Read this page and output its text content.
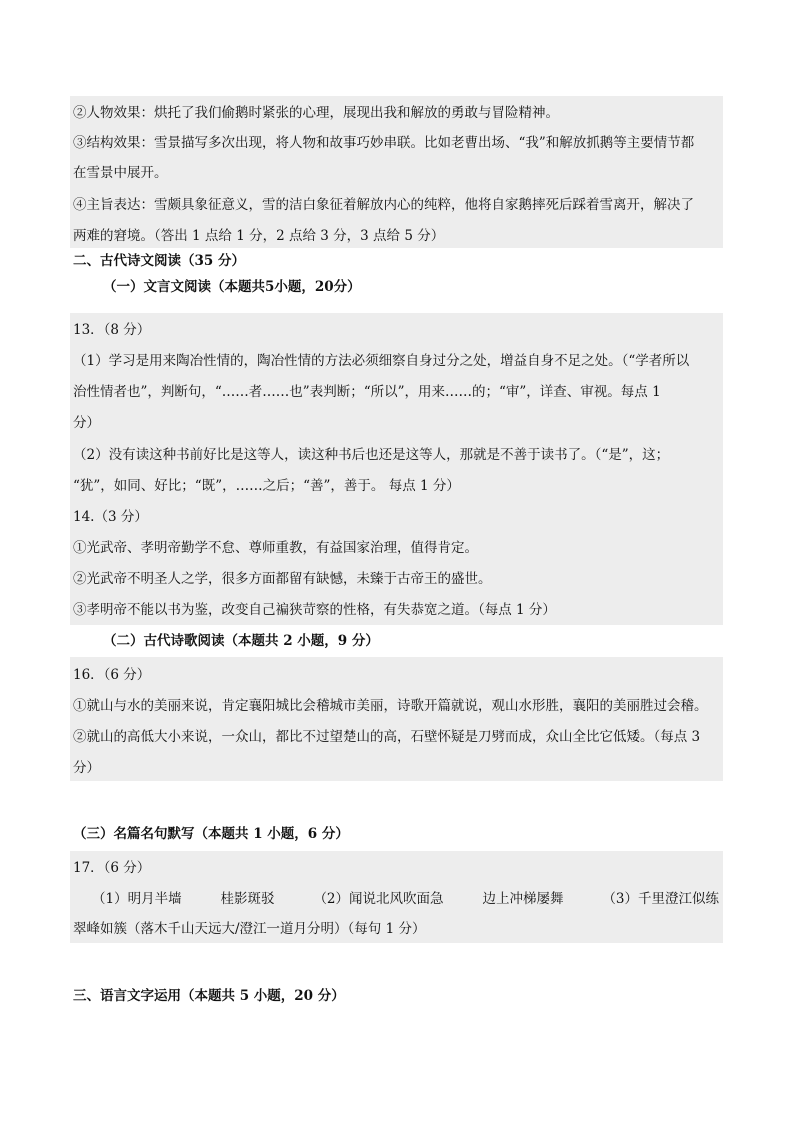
②人物效果：烘托了我们偷鹅时紧张的心理，展现出我和解放的勇敢与冒险精神。
③结构效果：雪景描写多次出现，将人物和故事巧妙串联。比如老曹出场、“我”和解放抓鹅等主要情节都
在雪景中展开。
④主旨表达：雪颇具象征意义，雪的洁白象征着解放内心的纯粹，他将自家鹅摔死后踩着雪离开，解决了
两难的窘境。（答出 1 点给 1 分，2 点给 3 分，3 点给 5 分）
二、古代诗文阅读（35 分）
（一）文言文阅读（本题共5小题，20分）
13．（8 分）
（1）学习是用来陶冶性情的，陶冶性情的方法必须细察自身过分之处，增益自身不足之处。（“学者所以
治性情者也”，判断句，“……者……也”表判断；“所以”，用来……的；“审”，详查、审视。每点 1
分）
（2）没有读这种书前好比是这等人，读这种书后也还是这等人，那就是不善于读书了。（“是”，这；
“犹”，如同、好比；“既”，……之后；“善”，善于。 每点 1 分）
14.（3 分）
①光武帝、孝明帝勤学不怠、尊师重教，有益国家治理，值得肯定。
②光武帝不明圣人之学，很多方面都留有缺憾，未臻于古帝王的盛世。
③孝明帝不能以书为鉴，改变自己褊狭苛察的性格，有失恭宽之道。（每点 1 分）
（二）古代诗歌阅读（本题共 2 小题，9 分）
16．（6 分）
①就山与水的美丽来说，肯定襄阳城比会稽城市美丽，诗歌开篇就说，观山水形胜，襄阳的美丽胜过会稽。
②就山的高低大小来说，一众山，都比不过望楚山的高，石壁怀疑是刀劈而成，众山全比它低矮。（每点 3
分）
（三）名篇名句默写（本题共 1 小题，6 分）
17．（6 分）
（1）明月半墙	桂影斑驳	（2）闻说北风吹面急	边上冲梯屡舞	（3）千里澄江似练
翠峰如簇（落木千山天远大/澄江一道月分明）（每句 1 分）
三、语言文字运用（本题共 5 小题，20 分）
